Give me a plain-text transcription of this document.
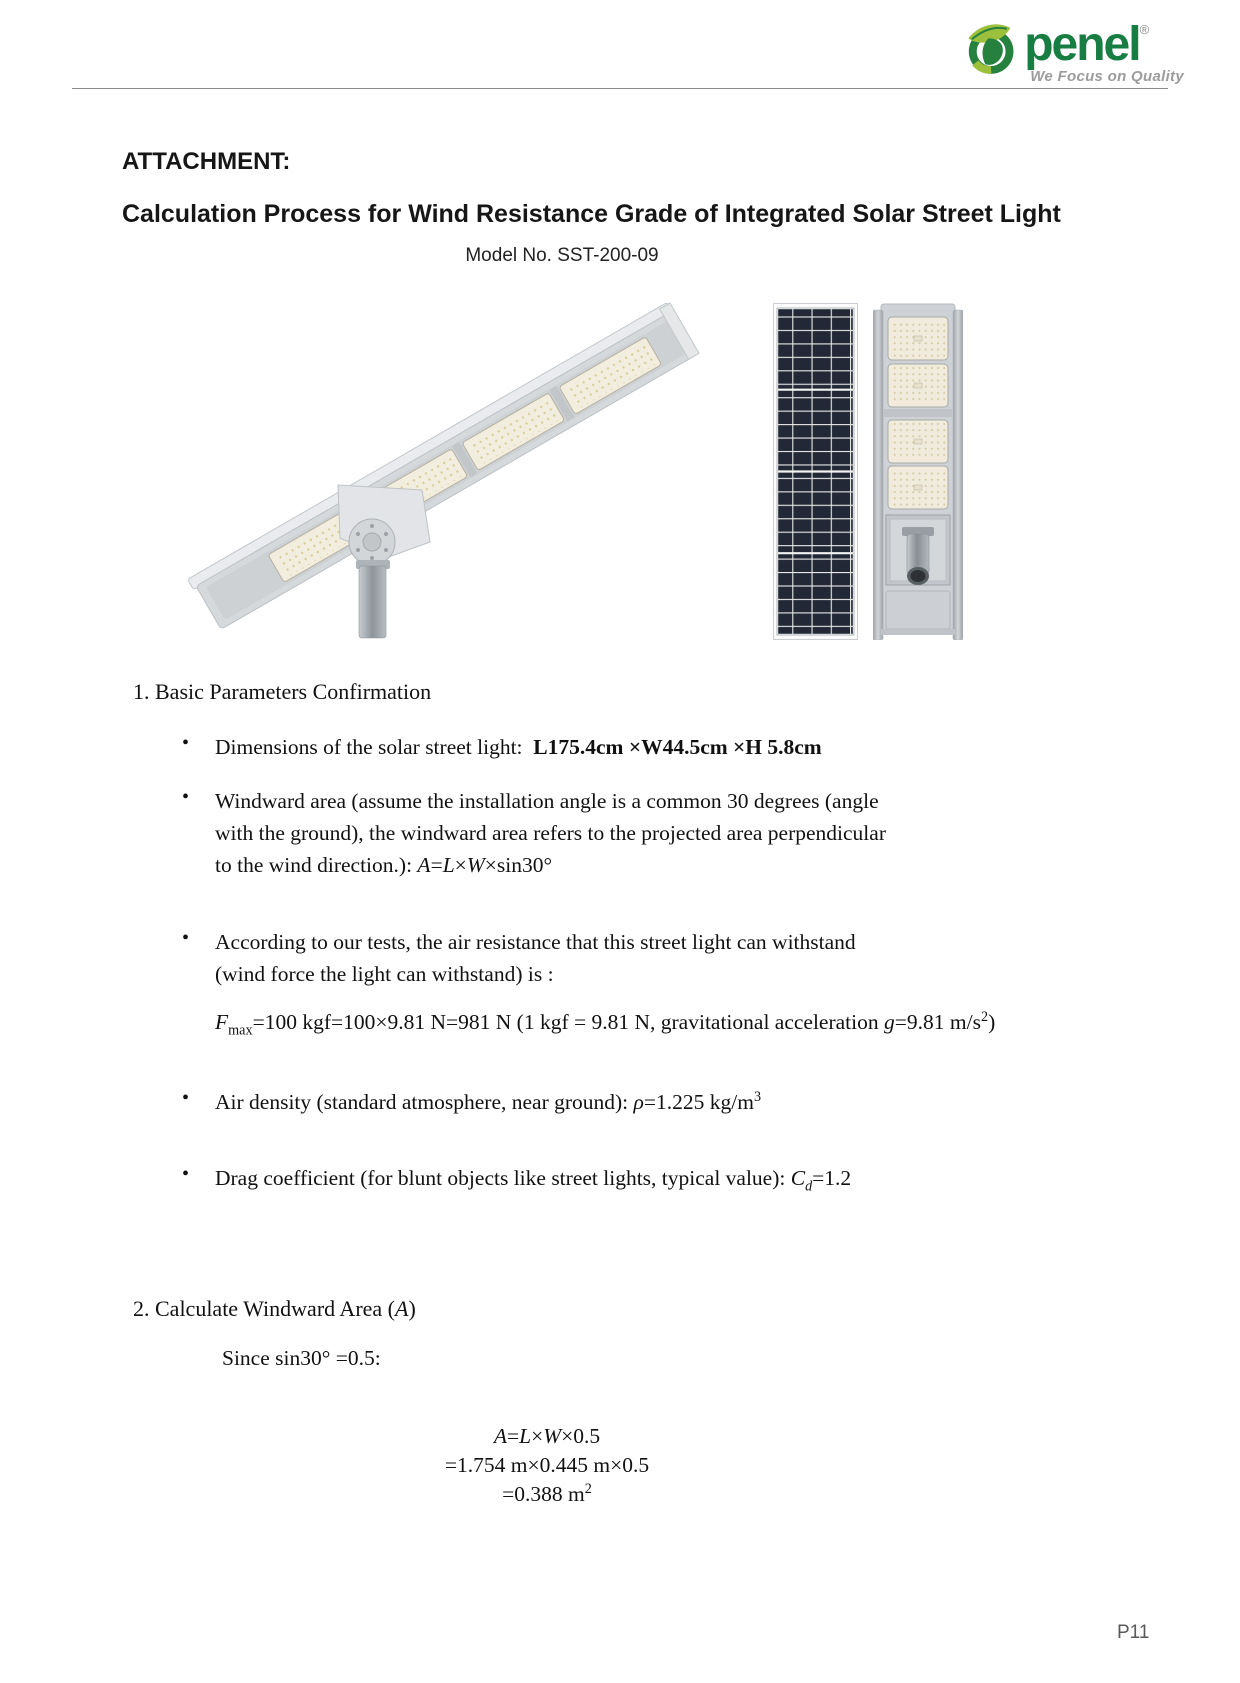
penel ®
We Focus on Quality
ATTACHMENT:
Calculation Process for Wind Resistance Grade of Integrated Solar Street Light
Model No. SST-200-09
1. Basic Parameters Confirmation
•
Dimensions of the solar street light:  L175.4cm ×W44.5cm ×H 5.8cm
•
Windward area (assume the installation angle is a common 30 degrees (angle
with the ground), the windward area refers to the projected area perpendicular
to the wind direction.): A=L×W×sin30°
•
According to our tests, the air resistance that this street light can withstand
(wind force the light can withstand) is :
$F_{max}=100$ kgf=100×9.81 N=981 N (1 kgf = 9.81 N, gravitational acceleration g=9.81 $m/s^2$)
•
Air density (standard atmosphere, near ground): ρ=1.225 $kg/m^3$
•
Drag coefficient (for blunt objects like street lights, typical value): $C_d=1.2$
2. Calculate Windward Area (A)
Since sin30° =0.5:
A=L×W×0.5
=1.754 m×0.445 m×0.5
=0.388 $m^2$
P11
